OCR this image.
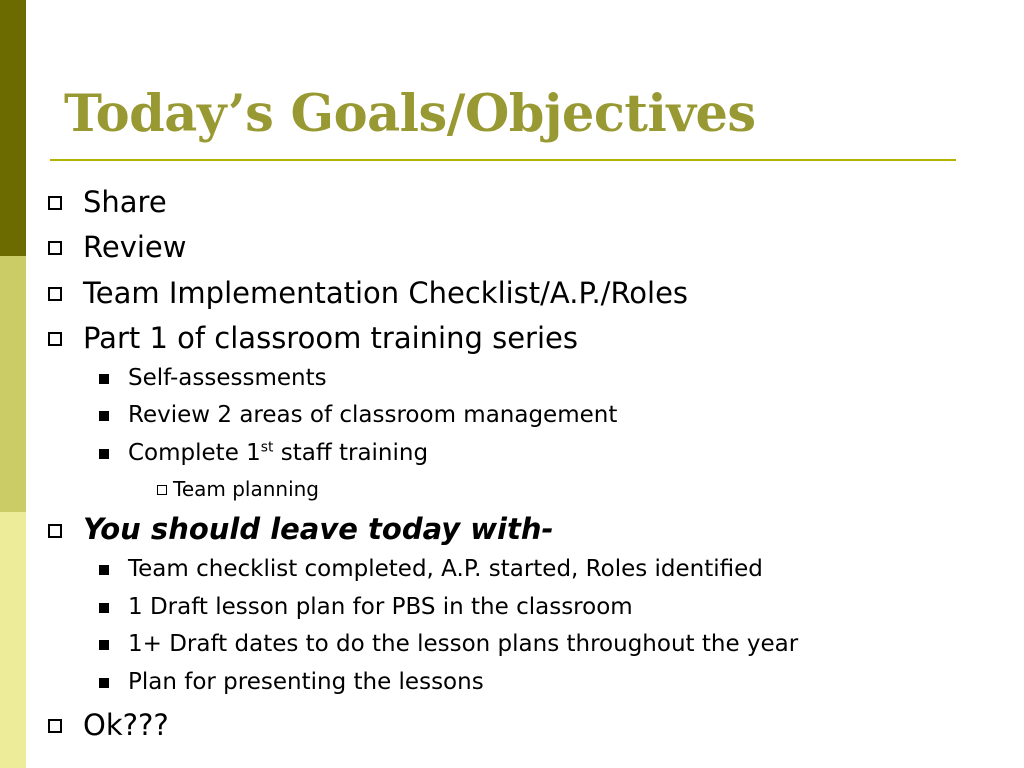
Today’s Goals/Objectives
Share
Review
Team Implementation Checklist/A.P./Roles
Part 1 of classroom training series
Self-assessments
Review 2 areas of classroom management
Complete 1st staff training
Team planning
You should leave today with-
Team checklist completed, A.P. started, Roles identified
1 Draft lesson plan for PBS in the classroom
1+ Draft dates to do the lesson plans throughout the year
Plan for presenting the lessons
Ok???
